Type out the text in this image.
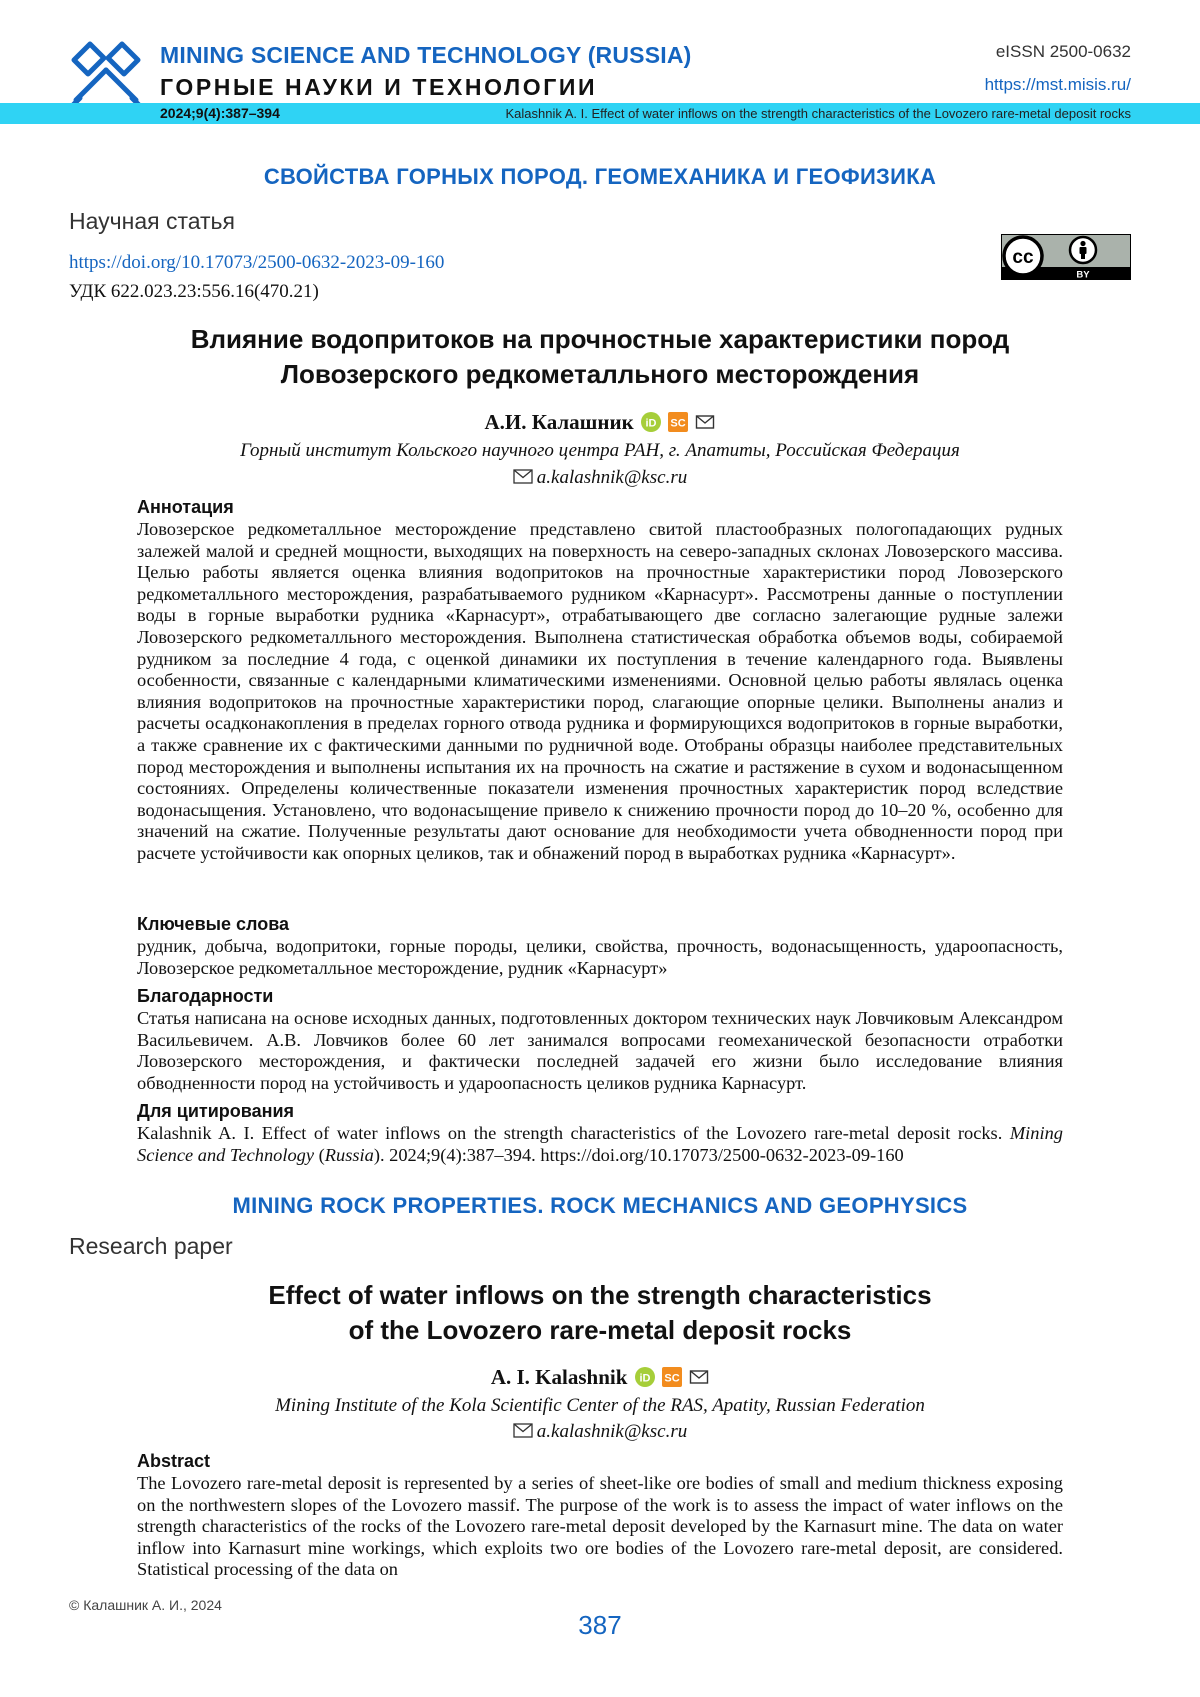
MINING SCIENCE AND TECHNOLOGY (RUSSIA)
ГОРНЫЕ НАУКИ И ТЕХНОЛОГИИ
eISSN 2500-0632
https://mst.misis.ru/
2024;9(4):387–394	Kalashnik A. I. Effect of water inflows on the strength characteristics of the Lovozero rare-metal deposit rocks
СВОЙСТВА ГОРНЫХ ПОРОД. ГЕОМЕХАНИКА И ГЕОФИЗИКА
Научная статья
https://doi.org/10.17073/2500-0632-2023-09-160
УДК 622.023.23:556.16(470.21)
cc
BY
Влияние водопритоков на прочностные характеристики пород
Ловозерского редкометалльного месторождения
А.И. Калашник iD
SC

Горный институт Кольского научного центра РАН, г. Апатиты, Российская Федерация
a.kalashnik@ksc.ru
Аннотация
Ловозерское редкометалльное месторождение представлено свитой пластообразных пологопадающих рудных залежей малой и средней мощности, выходящих на поверхность на северо-западных склонах Ловозерского массива. Целью работы является оценка влияния водопритоков на прочностные характеристики пород Ловозерского редкометалльного месторождения, разрабатываемого рудником «Карнасурт». Рассмотрены данные о поступлении воды в горные выработки рудника «Карнасурт», отрабатывающего две согласно залегающие рудные залежи Ловозерского редкометалльного месторождения. Выполнена статистическая обработка объемов воды, собираемой рудником за последние 4 года, с оценкой динамики их поступления в течение календарного года. Выявлены особенности, связанные с календарными климатическими изменениями. Основной целью работы являлась оценка влияния водопритоков на прочностные характеристики пород, слагающие опорные целики. Выполнены анализ и расчеты осадконакопления в пределах горного отвода рудника и формирующихся водопритоков в горные выработки, а также сравнение их с фактическими данными по рудничной воде. Отобраны образцы наиболее представительных пород месторождения и выполнены испытания их на прочность на сжатие и растяжение в сухом и водонасыщенном состояниях. Определены количественные показатели изменения прочностных характеристик пород вследствие водонасыщения. Установлено, что водонасыщение привело к снижению прочности пород до 10–20 %, особенно для значений на сжатие. Полученные результаты дают основание для необходимости учета обводненности пород при расчете устойчивости как опорных целиков, так и обнажений пород в выработках рудника «Карнасурт».
Ключевые слова
рудник, добыча, водопритоки, горные породы, целики, свойства, прочность, водонасыщенность, удароопасность, Ловозерское редкометалльное месторождение, рудник «Карнасурт»
Благодарности
Статья написана на основе исходных данных, подготовленных доктором технических наук Ловчиковым Александром Васильевичем. А.В. Ловчиков более 60 лет занимался вопросами геомеханической безопасности отработки Ловозерского месторождения, и фактически последней задачей его жизни было исследование влияния обводненности пород на устойчивость и удароопасность целиков рудника Карнасурт.
Для цитирования
Kalashnik A. I. Effect of water inflows on the strength characteristics of the Lovozero rare-metal deposit rocks. Mining Science and Technology (Russia). 2024;9(4):387–394. https://doi.org/10.17073/2500-0632-2023-09-160
MINING ROCK PROPERTIES. ROCK MECHANICS AND GEOPHYSICS
Research paper
Effect of water inflows on the strength characteristics
of the Lovozero rare-metal deposit rocks
A. I. Kalashnik iD
SC

Mining Institute of the Kola Scientific Center of the RAS, Apatity, Russian Federation
a.kalashnik@ksc.ru
Abstract
The Lovozero rare-metal deposit is represented by a series of sheet-like ore bodies of small and medium thickness exposing on the northwestern slopes of the Lovozero massif. The purpose of the work is to assess the impact of water inflows on the strength characteristics of the rocks of the Lovozero rare-metal deposit developed by the Karnasurt mine. The data on water inflow into Karnasurt mine workings, which exploits two ore bodies of the Lovozero rare-metal deposit, are considered. Statistical processing of the data on
© Калашник А. И., 2024
387
